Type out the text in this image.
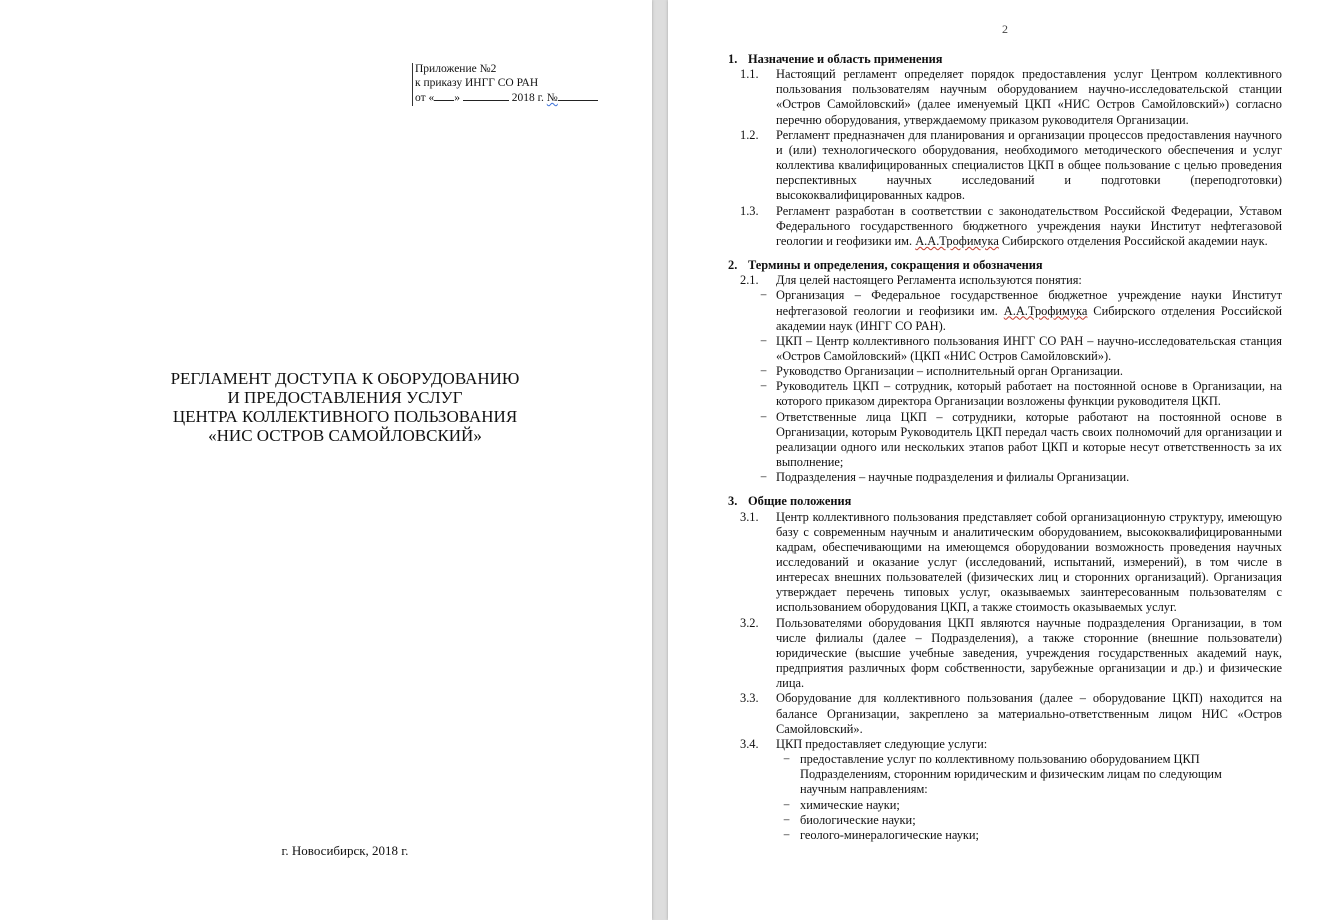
Приложение №2
к приказу ИНГГ СО РАН
от « »	2018 г. №
РЕГЛАМЕНТ ДОСТУПА К ОБОРУДОВАНИЮ
И ПРЕДОСТАВЛЕНИЯ УСЛУГ
ЦЕНТРА КОЛЛЕКТИВНОГО ПОЛЬЗОВАНИЯ
«НИС ОСТРОВ САМОЙЛОВСКИЙ»
г. Новосибирск, 2018 г.
2
1. Назначение и область применения
1.1.	Настоящий регламент определяет порядок предоставления услуг Центром коллективного пользования пользователям научным оборудованием научно-исследовательской станции «Остров Самойловский» (далее именуемый ЦКП «НИС Остров Самойловский») согласно перечню оборудования, утверждаемому приказом руководителя Организации.
1.2.	Регламент предназначен для планирования и организации процессов предоставления научного и (или) технологического оборудования, необходимого методического обеспечения и услуг коллектива квалифицированных специалистов ЦКП в общее пользование с целью проведения перспективных научных исследований и подготовки (переподготовки) высококвалифицированных кадров.
1.3.	Регламент разработан в соответствии с законодательством Российской Федерации, Уставом Федерального государственного бюджетного учреждения науки Институт нефтегазовой геологии и геофизики им. А.А.Трофимука Сибирского отделения Российской академии наук.
2. Термины и определения, сокращения и обозначения
2.1.	Для целей настоящего Регламента используются понятия:
− Организация – Федеральное государственное бюджетное учреждение науки Институт нефтегазовой геологии и геофизики им. А.А.Трофимука Сибирского отделения Российской академии наук (ИНГГ СО РАН).
− ЦКП – Центр коллективного пользования ИНГГ СО РАН – научно-исследовательская станция «Остров Самойловский» (ЦКП «НИС Остров Самойловский»).
− Руководство Организации – исполнительный орган Организации.
− Руководитель ЦКП – сотрудник, который работает на постоянной основе в Организации, на которого приказом директора Организации возложены функции руководителя ЦКП.
− Ответственные лица ЦКП – сотрудники, которые работают на постоянной основе в Организации, которым Руководитель ЦКП передал часть своих полномочий для организации и реализации одного или нескольких этапов работ ЦКП и которые несут ответственность за их выполнение;
− Подразделения – научные подразделения и филиалы Организации.
3. Общие положения
3.1.	Центр коллективного пользования представляет собой организационную структуру, имеющую базу с современным научным и аналитическим оборудованием, высококвалифицированными кадрам, обеспечивающими на имеющемся оборудовании возможность проведения научных исследований и оказание услуг (исследований, испытаний, измерений), в том числе в интересах внешних пользователей (физических лиц и сторонних организаций). Организация утверждает перечень типовых услуг, оказываемых заинтересованным пользователям с использованием оборудования ЦКП, а также стоимость оказываемых услуг.
3.2.	Пользователями оборудования ЦКП являются научные подразделения Организации, в том числе филиалы (далее – Подразделения), а также сторонние (внешние пользователи) юридические (высшие учебные заведения, учреждения государственных академий наук, предприятия различных форм собственности, зарубежные организации и др.) и физические лица.
3.3.	Оборудование для коллективного пользования (далее – оборудование ЦКП) находится на балансе Организации, закреплено за материально-ответственным лицом НИС «Остров Самойловский».
3.4.	ЦКП предоставляет следующие услуги:
− предоставление услуг по коллективному пользованию оборудованием ЦКП Подразделениям, сторонним юридическим и физическим лицам по следующим научным направлениям:
− химические науки;
− биологические науки;
− геолого-минералогические науки;
